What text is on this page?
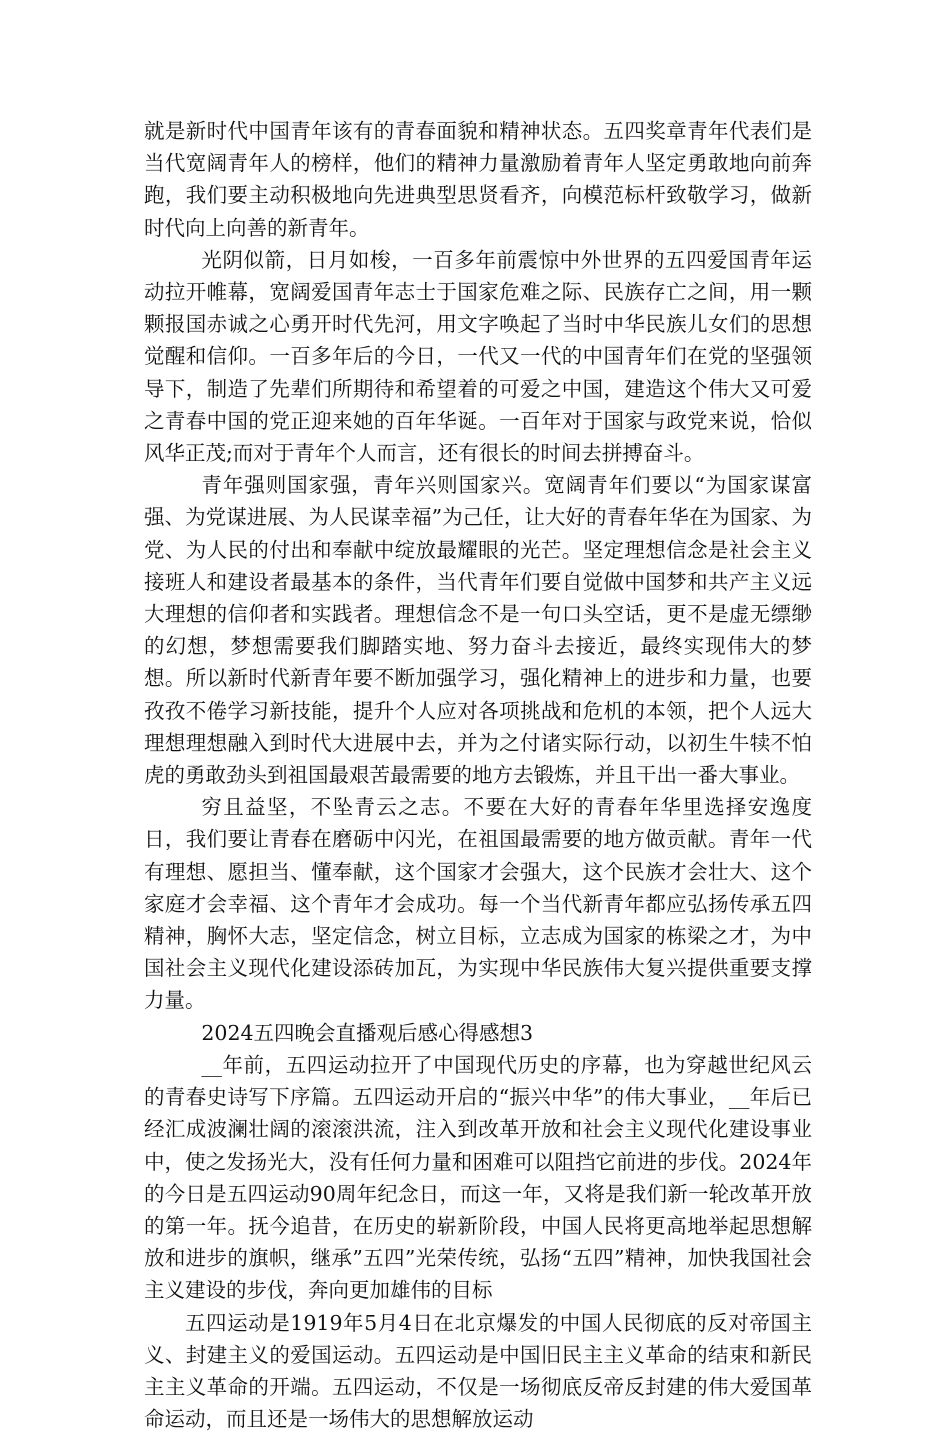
就是新时代中国青年该有的青春面貌和精神状态。五四奖章青年代表们是当代宽阔青年人的榜样，他们的精神力量激励着青年人坚定勇敢地向前奔跑，我们要主动积极地向先进典型思贤看齐，向模范标杆致敬学习，做新时代向上向善的新青年。

光阴似箭，日月如梭，一百多年前震惊中外世界的五四爱国青年运动拉开帷幕，宽阔爱国青年志士于国家危难之际、民族存亡之间，用一颗颗报国赤诚之心勇开时代先河，用文字唤起了当时中华民族儿女们的思想觉醒和信仰。一百多年后的今日，一代又一代的中国青年们在党的坚强领导下，制造了先辈们所期待和希望着的可爱之中国，建造这个伟大又可爱之青春中国的党正迎来她的百年华诞。一百年对于国家与政党来说，恰似风华正茂;而对于青年个人而言，还有很长的时间去拼搏奋斗。

青年强则国家强，青年兴则国家兴。宽阔青年们要以“为国家谋富强、为党谋进展、为人民谋幸福”为己任，让大好的青春年华在为国家、为党、为人民的付出和奉献中绽放最耀眼的光芒。坚定理想信念是社会主义接班人和建设者最基本的条件，当代青年们要自觉做中国梦和共产主义远大理想的信仰者和实践者。理想信念不是一句口头空话，更不是虚无缥缈的幻想，梦想需要我们脚踏实地、努力奋斗去接近，最终实现伟大的梦想。所以新时代新青年要不断加强学习，强化精神上的进步和力量，也要孜孜不倦学习新技能，提升个人应对各项挑战和危机的本领，把个人远大理想理想融入到时代大进展中去，并为之付诸实际行动，以初生牛犊不怕虎的勇敢劲头到祖国最艰苦最需要的地方去锻炼，并且干出一番大事业。

穷且益坚，不坠青云之志。不要在大好的青春年华里选择安逸度日，我们要让青春在磨砺中闪光，在祖国最需要的地方做贡献。青年一代有理想、愿担当、懂奉献，这个国家才会强大，这个民族才会壮大、这个家庭才会幸福、这个青年才会成功。每一个当代新青年都应弘扬传承五四精神，胸怀大志，坚定信念，树立目标，立志成为国家的栋梁之才，为中国社会主义现代化建设添砖加瓦，为实现中华民族伟大复兴提供重要支撑力量。

2024五四晚会直播观后感心得感想3

__年前，五四运动拉开了中国现代历史的序幕，也为穿越世纪风云的青春史诗写下序篇。五四运动开启的“振兴中华”的伟大事业，__年后已经汇成波澜壮阔的滚滚洪流，注入到改革开放和社会主义现代化建设事业中，使之发扬光大，没有任何力量和困难可以阻挡它前进的步伐。2024年的今日是五四运动90周年纪念日，而这一年，又将是我们新一轮改革开放的第一年。抚今追昔，在历史的崭新阶段，中国人民将更高地举起思想解放和进步的旗帜，继承”五四”光荣传统，弘扬“五四”精神，加快我国社会主义建设的步伐，奔向更加雄伟的目标

五四运动是1919年5月4日在北京爆发的中国人民彻底的反对帝国主义、封建主义的爱国运动。五四运动是中国旧民主主义革命的结束和新民主主义革命的开端。五四运动，不仅是一场彻底反帝反封建的伟大爱国革命运动，而且还是一场伟大的思想解放运动
